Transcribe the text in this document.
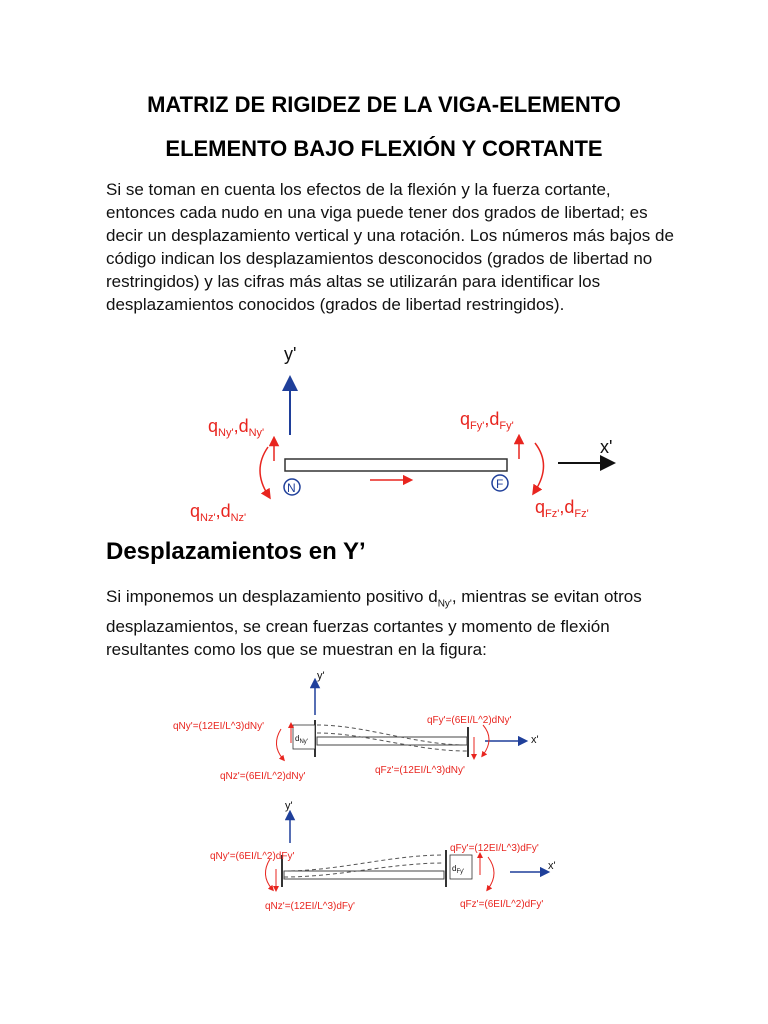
MATRIZ DE RIGIDEZ DE LA VIGA-ELEMENTO
ELEMENTO BAJO FLEXIÓN Y CORTANTE

Si se toman en cuenta los efectos de la flexión y la fuerza cortante, entonces cada nudo en una viga puede tener dos grados de libertad; es decir un desplazamiento vertical y una rotación. Los números más bajos de código indican los desplazamientos desconocidos (grados de libertad no restringidos) y las cifras más altas se utilizarán para identificar los desplazamientos conocidos (grados de libertad restringidos).

y'
x'
N	F
$q_{Ny'},d_{Ny'}$
$q_{Fy'},d_{Fy'}$
$q_{Nz'},d_{Nz'}$
$q_{Fz'},d_{Fz'}$
Desplazamientos en Y’

Si imponemos un desplazamiento positivo $d_{Ny'}$, mientras se evitan otros desplazamientos, se crean fuerzas cortantes y momento de flexión resultantes como los que se muestran en la figura:

y'
x'
$d_{Ny'}$
qNy'=(12EI/L^3)dNy'
qFy'=(6EI/L^2)dNy'
qNz'=(6EI/L^2)dNy'
qFz'=(12EI/L^3)dNy'
y'
x'
$d_{Fy'}$
qNy'=(6EI/L^2)dFy'
qFy'=(12EI/L^3)dFy'
qNz'=(12EI/L^3)dFy'	qFz'=(6EI/L^2)dFy'
